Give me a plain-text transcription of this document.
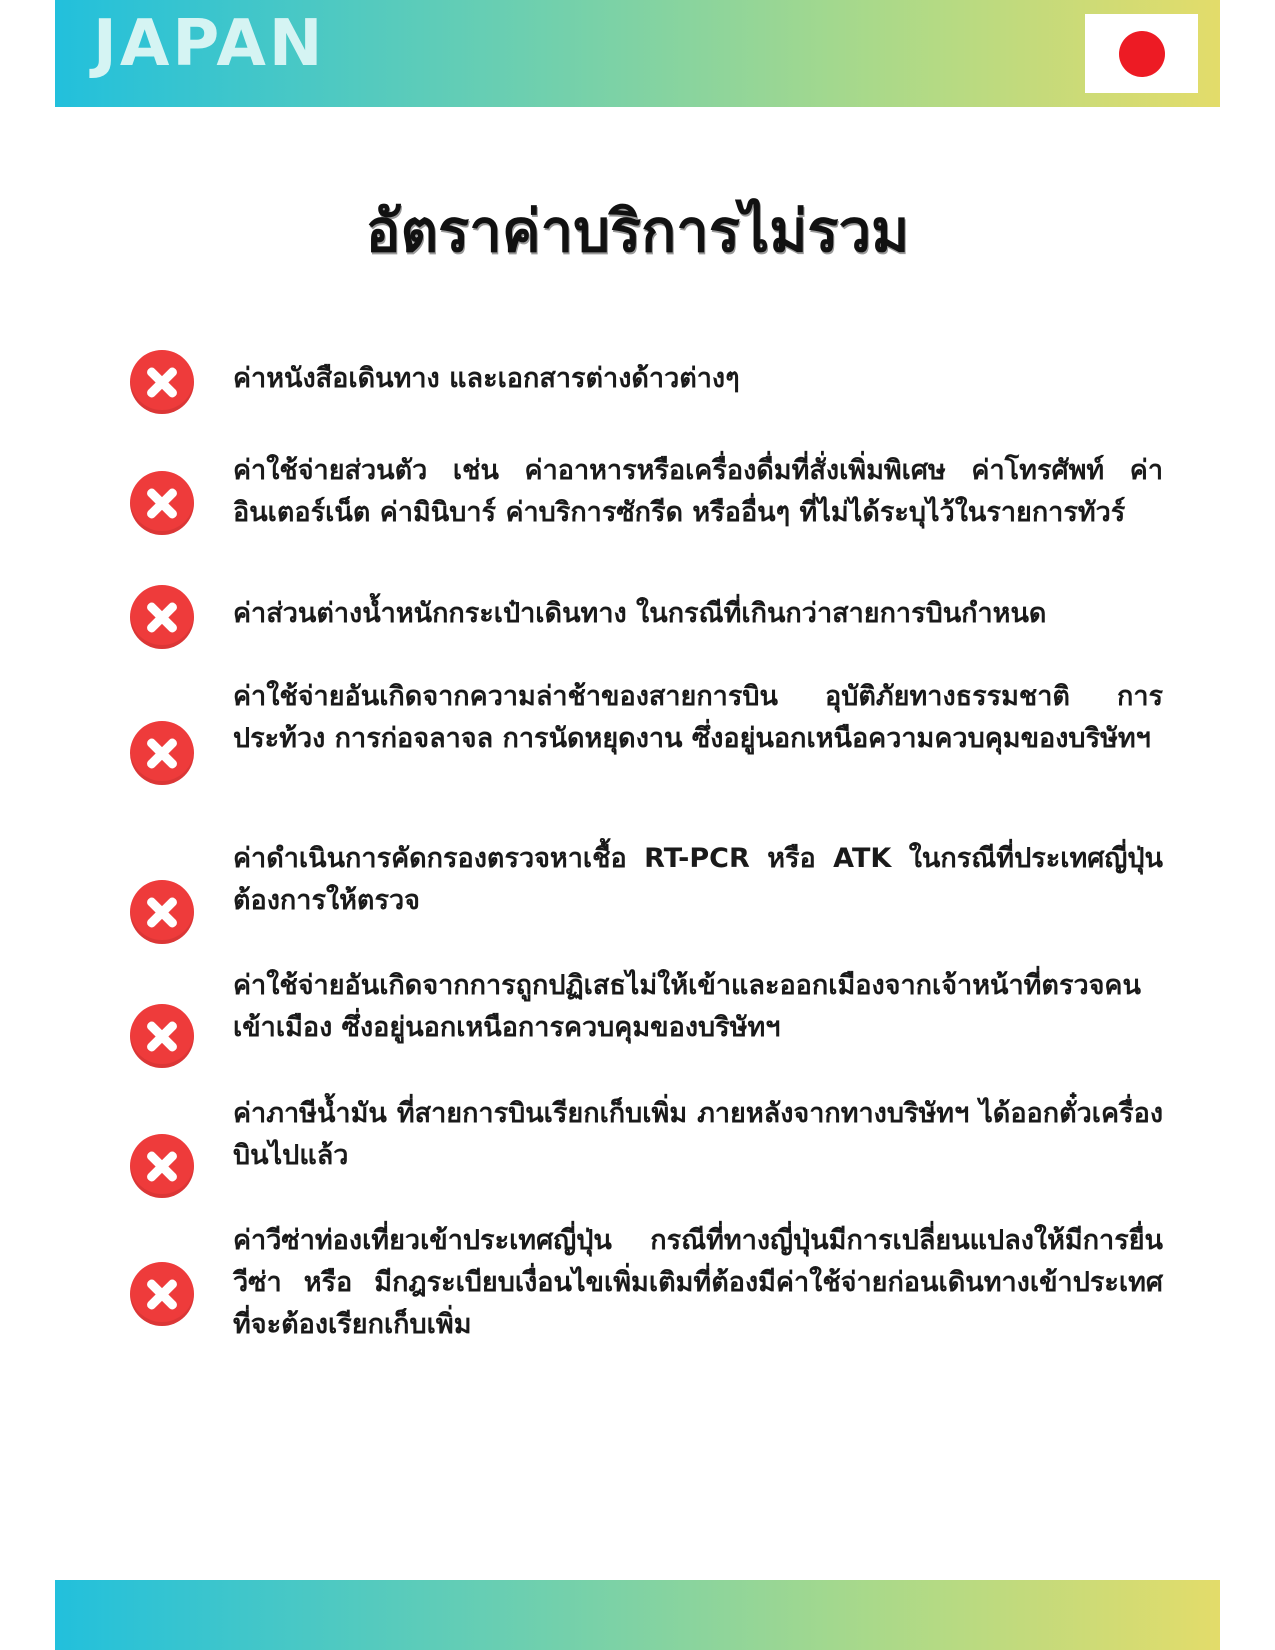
JAPAN
อัตราค่าบริการไม่รวม
ค่าหนังสือเดินทาง และเอกสารต่างด้าวต่างๆ
ค่าใช้จ่ายส่วนตัว เช่น ค่าอาหารหรือเครื่องดื่มที่สั่งเพิ่มพิเศษ ค่าโทรศัพท์ ค่าอินเตอร์เน็ต ค่ามินิบาร์ ค่าบริการซักรีด หรืออื่นๆ ที่ไม่ได้ระบุไว้ในรายการทัวร์
ค่าส่วนต่างน้ำหนักกระเป๋าเดินทาง ในกรณีที่เกินกว่าสายการบินกำหนด
ค่าใช้จ่ายอันเกิดจากความล่าช้าของสายการบิน อุบัติภัยทางธรรมชาติ การประท้วง การก่อจลาจล การนัดหยุดงาน ซึ่งอยู่นอกเหนือความควบคุมของบริษัทฯ
ค่าดำเนินการคัดกรองตรวจหาเชื้อ RT-PCR หรือ ATK ในกรณีที่ประเทศญี่ปุ่นต้องการให้ตรวจ
ค่าใช้จ่ายอันเกิดจากการถูกปฏิเสธไม่ให้เข้าและออกเมืองจากเจ้าหน้าที่ตรวจคนเข้าเมือง ซึ่งอยู่นอกเหนือการควบคุมของบริษัทฯ
ค่าภาษีน้ำมัน ที่สายการบินเรียกเก็บเพิ่ม ภายหลังจากทางบริษัทฯ ได้ออกตั๋วเครื่องบินไปแล้ว
ค่าวีซ่าท่องเที่ยวเข้าประเทศญี่ปุ่น กรณีที่ทางญี่ปุ่นมีการเปลี่ยนแปลงให้มีการยื่นวีซ่า หรือ มีกฎระเบียบเงื่อนไขเพิ่มเติมที่ต้องมีค่าใช้จ่ายก่อนเดินทางเข้าประเทศ ที่จะต้องเรียกเก็บเพิ่ม
